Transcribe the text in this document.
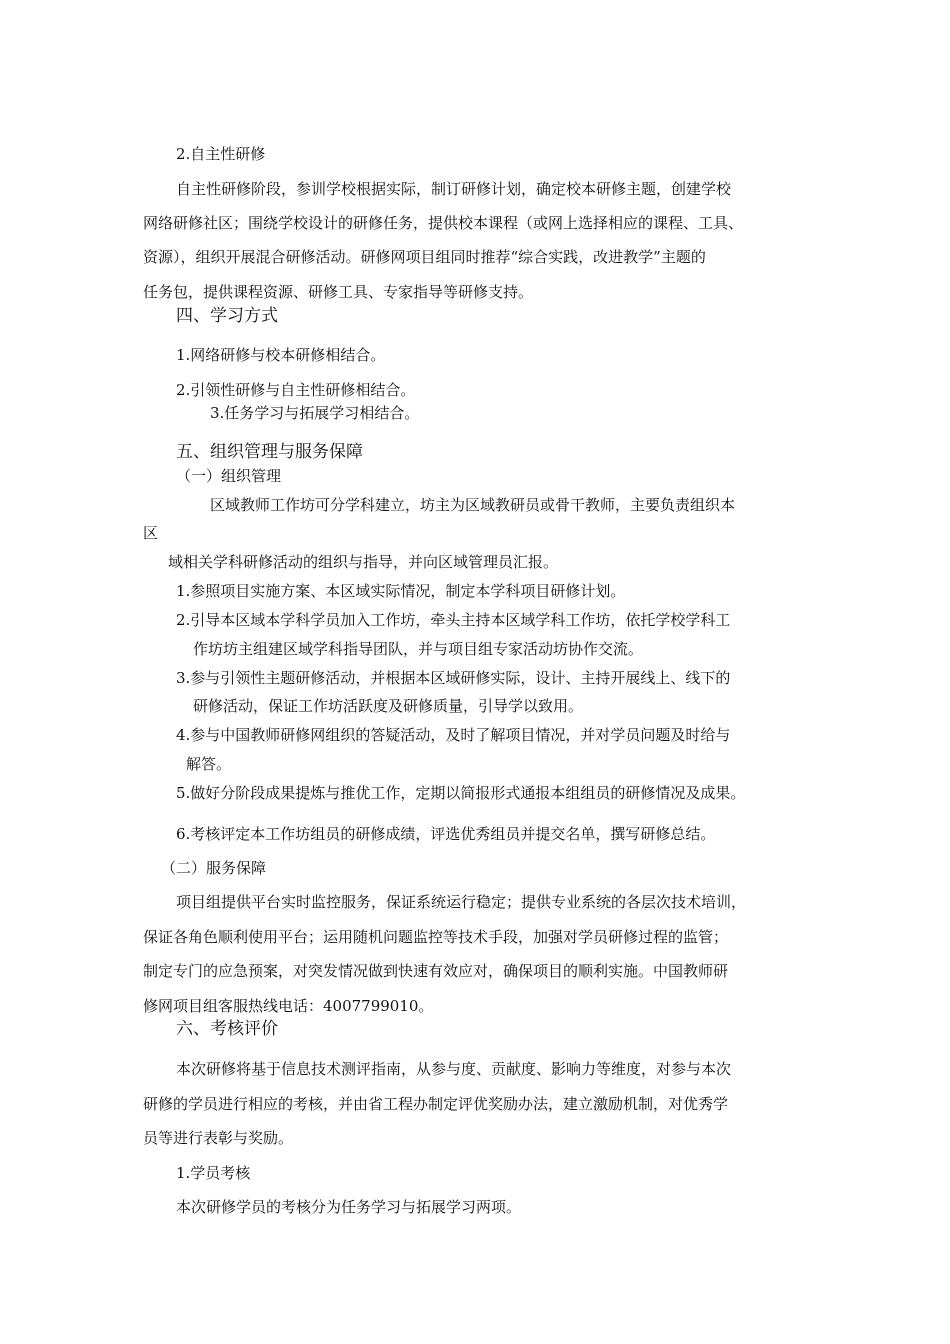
2.自主性研修
自主性研修阶段，参训学校根据实际，制订研修计划，确定校本研修主题，创建学校
网络研修社区；围绕学校设计的研修任务，提供校本课程（或网上选择相应的课程、工具、
资源），组织开展混合研修活动。研修网项目组同时推荐“综合实践，改进教学”主题的
任务包，提供课程资源、研修工具、专家指导等研修支持。
四、学习方式
1.网络研修与校本研修相结合。
2.引领性研修与自主性研修相结合。
3.任务学习与拓展学习相结合。
五、组织管理与服务保障
（一）组织管理
区域教师工作坊可分学科建立，坊主为区域教研员或骨干教师，主要负责组织本
区
域相关学科研修活动的组织与指导，并向区域管理员汇报。
1.参照项目实施方案、本区域实际情况，制定本学科项目研修计划。
2.引导本区域本学科学员加入工作坊，牵头主持本区域学科工作坊，依托学校学科工
作坊坊主组建区域学科指导团队，并与项目组专家活动坊协作交流。
3.参与引领性主题研修活动，并根据本区域研修实际，设计、主持开展线上、线下的
研修活动，保证工作坊活跃度及研修质量，引导学以致用。
4.参与中国教师研修网组织的答疑活动，及时了解项目情况，并对学员问题及时给与
解答。
5.做好分阶段成果提炼与推优工作，定期以简报形式通报本组组员的研修情况及成果。
6.考核评定本工作坊组员的研修成绩，评选优秀组员并提交名单，撰写研修总结。
（二）服务保障
项目组提供平台实时监控服务，保证系统运行稳定；提供专业系统的各层次技术培训，
保证各角色顺利使用平台；运用随机问题监控等技术手段，加强对学员研修过程的监管；
制定专门的应急预案，对突发情况做到快速有效应对，确保项目的顺利实施。中国教师研
修网项目组客服热线电话：4007799010。
六、考核评价
本次研修将基于信息技术测评指南，从参与度、贡献度、影响力等维度，对参与本次
研修的学员进行相应的考核，并由省工程办制定评优奖励办法，建立激励机制，对优秀学
员等进行表彰与奖励。
1.学员考核
本次研修学员的考核分为任务学习与拓展学习两项。
